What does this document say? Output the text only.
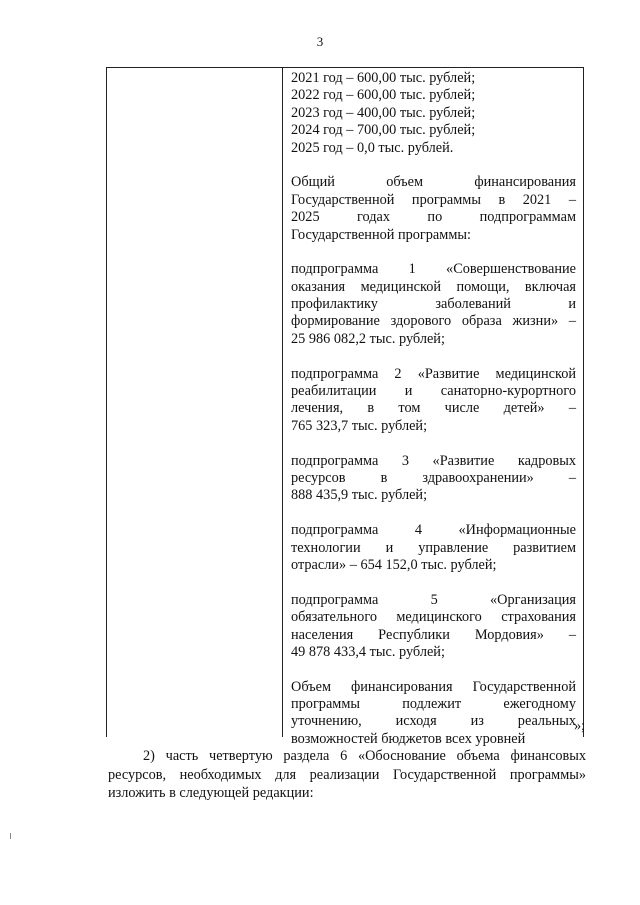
3
2021 год – 600,00 тыс. рублей;
2022 год – 600,00 тыс. рублей;
2023 год – 400,00 тыс. рублей;
2024 год – 700,00 тыс. рублей;
2025 год – 0,0 тыс. рублей.
Общий объем финансирования
Государственной программы в 2021 –
2025 годах по подпрограммам
Государственной программы:
подпрограмма 1 «Совершенствование
оказания медицинской помощи, включая
профилактику заболеваний и
формирование здорового образа жизни» –
25 986 082,2 тыс. рублей;
подпрограмма 2 «Развитие медицинской
реабилитации и санаторно-курортного
лечения, в том числе детей» –
765 323,7 тыс. рублей;
подпрограмма 3 «Развитие кадровых
ресурсов в здравоохранении» –
888 435,9 тыс. рублей;
подпрограмма 4 «Информационные
технологии и управление развитием
отрасли» – 654 152,0 тыс. рублей;
подпрограмма 5 «Организация
обязательного медицинского страхования
населения Республики Мордовия» –
49 878 433,4 тыс. рублей;
Объем финансирования Государственной
программы подлежит ежегодному
уточнению, исходя из реальных
возможностей бюджетов всех уровней
»;
2) часть четвертую раздела 6 «Обоснование объема финансовых
ресурсов, необходимых для реализации Государственной программы»
изложить в следующей редакции:
